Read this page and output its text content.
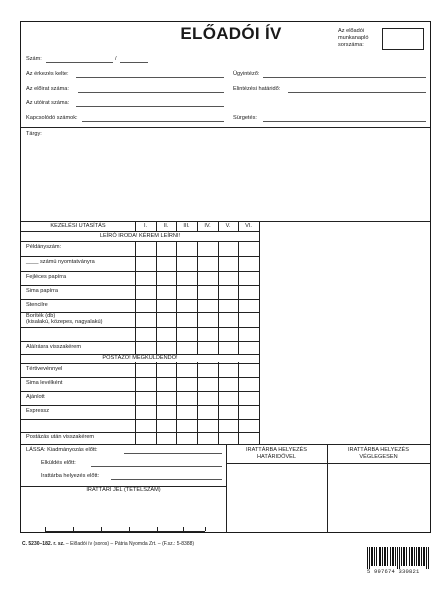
ELŐADÓI ÍV	Az előadói
munkanapló
sorszáma:
Szám:	/
Az érkezés kelte:	Ügyintéző:
Az előirat száma:	Elintézési határidő:
Az utóirat száma:
Kapcsolódó számok:	Sürgetés:
Tárgy:
KEZELÉSI UTASÍTÁS	I.	II.	III.	IV.	V.	VI.
LEÍRÓ IRODA! KÉREM LEÍRNI!
Példányszám:
____ számú nyomtatványra
Fejléces papírra
Sima papírra
Stencilre
Boríték (db)
(kisalakú, közepes, nagyalakú)
Aláírásra visszakérem
POSTÁZÓ! MEGKÜLDENDŐ!
Tértivevénnyel
Sima levélként
Ajánlott
Expressz
Postázás után visszakérem
LÁSSA: Kiadmányozás előtt:
Elküldés előtt:
Irattárba helyezés előtt:
IRATTÁRI JEL (TÉTELSZÁM)
IRATTÁRBA HELYEZÉS
HATÁRIDŐVEL
IRATTÁRBA HELYEZÉS
VÉGLEGESEN
C. 5230–182. r. sz. – Előadói ív (soros) – Pátria Nyomda Zrt. – (F.sz.: 5-8388)
5 997674 330821
